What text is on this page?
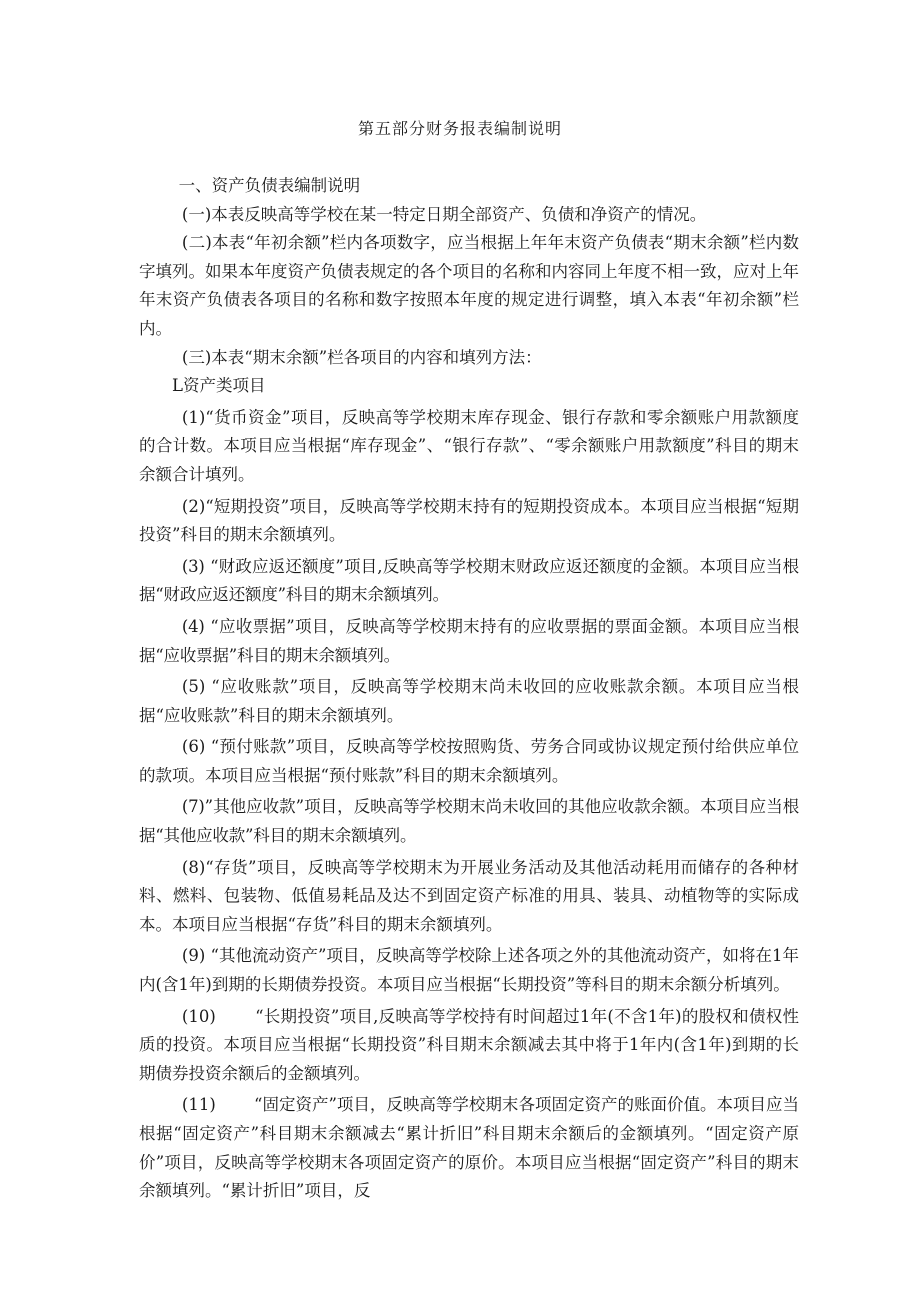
第五部分财务报表编制说明

一、资产负债表编制说明

(一)本表反映高等学校在某一特定日期全部资产、负债和净资产的情况。

(二)本表“年初余额”栏内各项数字，应当根据上年年末资产负债表“期末余额”栏内数字填列。如果本年度资产负债表规定的各个项目的名称和内容同上年度不相一致，应对上年年末资产负债表各项目的名称和数字按照本年度的规定进行调整，填入本表“年初余额”栏内。

(三)本表“期末余额”栏各项目的内容和填列方法：

L资产类项目

(1)“货币资金”项目，反映高等学校期末库存现金、银行存款和零余额账户用款额度的合计数。本项目应当根据“库存现金”、“银行存款”、“零余额账户用款额度”科目的期末余额合计填列。

(2)“短期投资”项目，反映高等学校期末持有的短期投资成本。本项目应当根据“短期投资”科目的期末余额填列。

(3) “财政应返还额度”项目,反映高等学校期末财政应返还额度的金额。本项目应当根据“财政应返还额度”科目的期末余额填列。

(4) “应收票据”项目，反映高等学校期末持有的应收票据的票面金额。本项目应当根据“应收票据”科目的期末余额填列。

(5) “应收账款”项目，反映高等学校期末尚未收回的应收账款余额。本项目应当根据“应收账款”科目的期末余额填列。

(6) “预付账款”项目，反映高等学校按照购货、劳务合同或协议规定预付给供应单位的款项。本项目应当根据“预付账款”科目的期末余额填列。

(7)”其他应收款”项目，反映高等学校期末尚未收回的其他应收款余额。本项目应当根据“其他应收款”科目的期末余额填列。

(8)“存货”项目，反映高等学校期末为开展业务活动及其他活动耗用而储存的各种材料、燃料、包装物、低值易耗品及达不到固定资产标准的用具、装具、动植物等的实际成本。本项目应当根据“存货”科目的期末余额填列。

(9) “其他流动资产”项目，反映高等学校除上述各项之外的其他流动资产，如将在1年内(含1年)到期的长期债券投资。本项目应当根据“长期投资”等科目的期末余额分析填列。

(10)　　 “长期投资”项目,反映高等学校持有时间超过1年(不含1年)的股权和债权性质的投资。本项目应当根据“长期投资”科目期末余额减去其中将于1年内(含1年)到期的长期债券投资余额后的金额填列。

(11)　　 “固定资产”项目，反映高等学校期末各项固定资产的账面价值。本项目应当根据“固定资产”科目期末余额减去“累计折旧”科目期末余额后的金额填列。“固定资产原价”项目，反映高等学校期末各项固定资产的原价。本项目应当根据“固定资产”科目的期末余额填列。“累计折旧”项目，反
